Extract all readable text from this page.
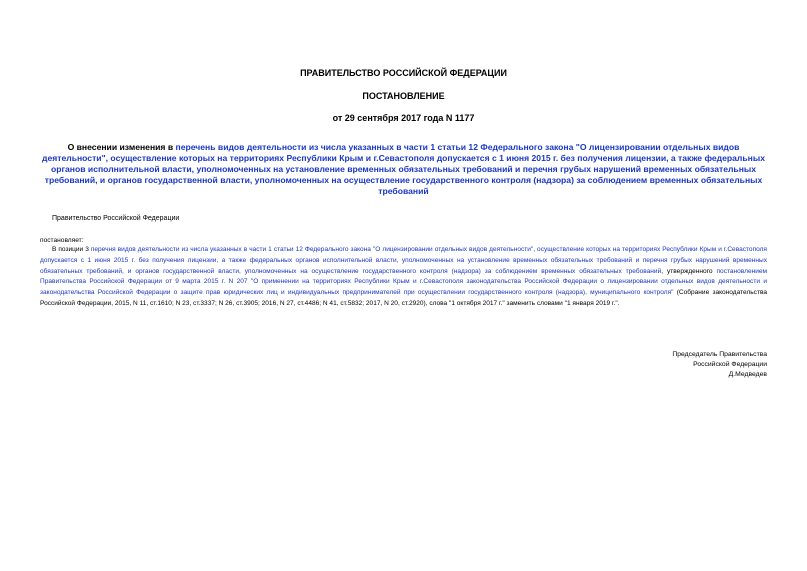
ПРАВИТЕЛЬСТВО РОССИЙСКОЙ ФЕДЕРАЦИИ
ПОСТАНОВЛЕНИЕ
от 29 сентября 2017 года N 1177
О внесении изменения в перечень видов деятельности из числа указанных в части 1 статьи 12 Федерального закона "О лицензировании отдельных видов деятельности", осуществление которых на территориях Республики Крым и г.Севастополя допускается с 1 июня 2015 г. без получения лицензии, а также федеральных органов исполнительной власти, уполномоченных на установление временных обязательных требований и перечня грубых нарушений временных обязательных требований, и органов государственной власти, уполномоченных на осуществление государственного контроля (надзора) за соблюдением временных обязательных требований
Правительство Российской Федерации
постановляет:
В позиции 3 перечня видов деятельности из числа указанных в части 1 статьи 12 Федерального закона "О лицензировании отдельных видов деятельности", осуществление которых на территориях Республики Крым и г.Севастополя допускается с 1 июня 2015 г. без получения лицензии, а также федеральных органов исполнительной власти, уполномоченных на установление временных обязательных требований и перечня грубых нарушений временных обязательных требований, и органов государственной власти, уполномоченных на осуществление государственного контроля (надзора) за соблюдением временных обязательных требований, утвержденного постановлением Правительства Российской Федерации от 9 марта 2015 г. N 207 "О применении на территориях Республики Крым и г.Севастополя законодательства Российской Федерации о лицензировании отдельных видов деятельности и законодательства Российской Федерации о защите прав юридических лиц и индивидуальных предпринимателей при осуществлении государственного контроля (надзора), муниципального контроля" (Собрание законодательства Российской Федерации, 2015, N 11, ст.1610; N 23, ст.3337; N 26, ст.3905; 2016, N 27, ст.4486; N 41, ст.5832; 2017, N 20, ст.2920), слова "1 октября 2017 г." заменить словами "1 января 2019 г.".
Председатель Правительства
Российской Федерации
Д.Медведев
